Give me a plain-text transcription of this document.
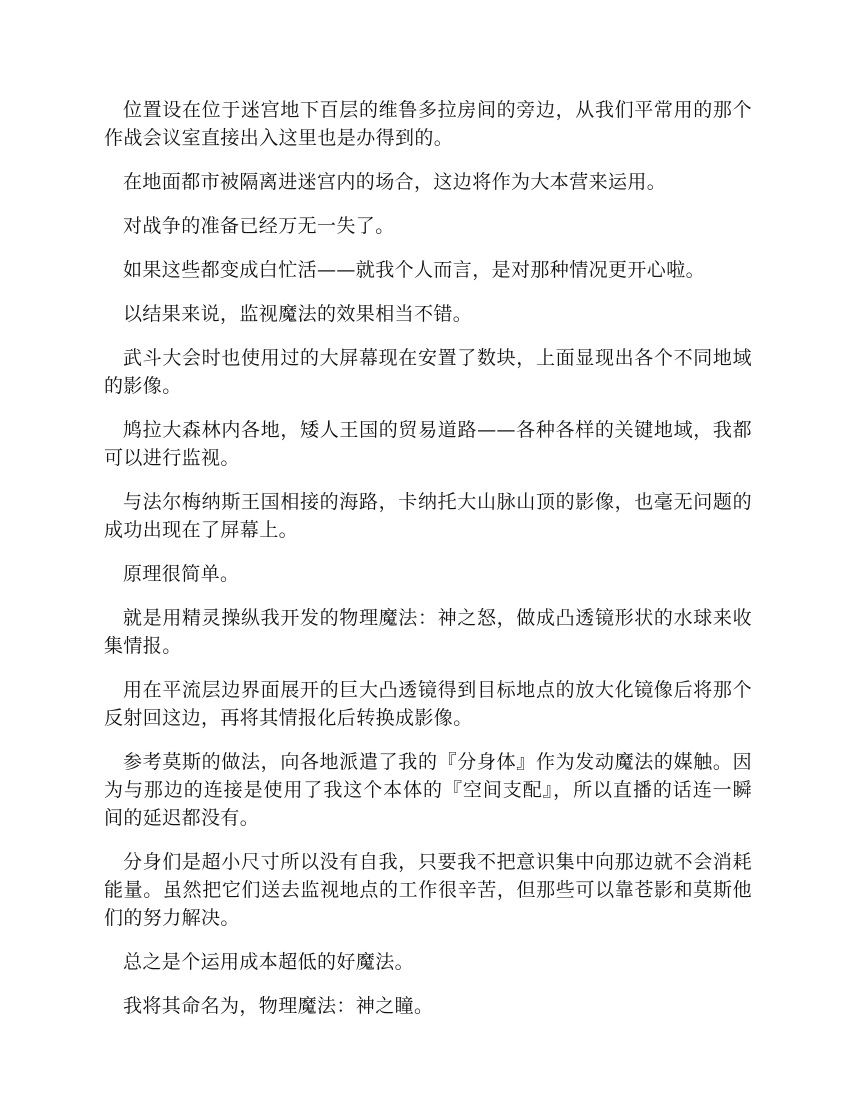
位置设在位于迷宫地下百层的维鲁多拉房间的旁边，从我们平常用的那个作战会议室直接出入这里也是办得到的。

在地面都市被隔离进迷宫内的场合，这边将作为大本营来运用。

对战争的准备已经万无一失了。

如果这些都变成白忙活——就我个人而言，是对那种情况更开心啦。

以结果来说，监视魔法的效果相当不错。

武斗大会时也使用过的大屏幕现在安置了数块，上面显现出各个不同地域的影像。

鸠拉大森林内各地，矮人王国的贸易道路——各种各样的关键地域，我都可以进行监视。

与法尔梅纳斯王国相接的海路，卡纳托大山脉山顶的影像，也毫无问题的成功出现在了屏幕上。

原理很简单。

就是用精灵操纵我开发的物理魔法：神之怒，做成凸透镜形状的水球来收集情报。

用在平流层边界面展开的巨大凸透镜得到目标地点的放大化镜像后将那个反射回这边，再将其情报化后转换成影像。

参考莫斯的做法，向各地派遣了我的『分身体』作为发动魔法的媒触。因为与那边的连接是使用了我这个本体的『空间支配』，所以直播的话连一瞬间的延迟都没有。

分身们是超小尺寸所以没有自我，只要我不把意识集中向那边就不会消耗能量。虽然把它们送去监视地点的工作很辛苦，但那些可以靠苍影和莫斯他们的努力解决。

总之是个运用成本超低的好魔法。

我将其命名为，物理魔法：神之瞳。
